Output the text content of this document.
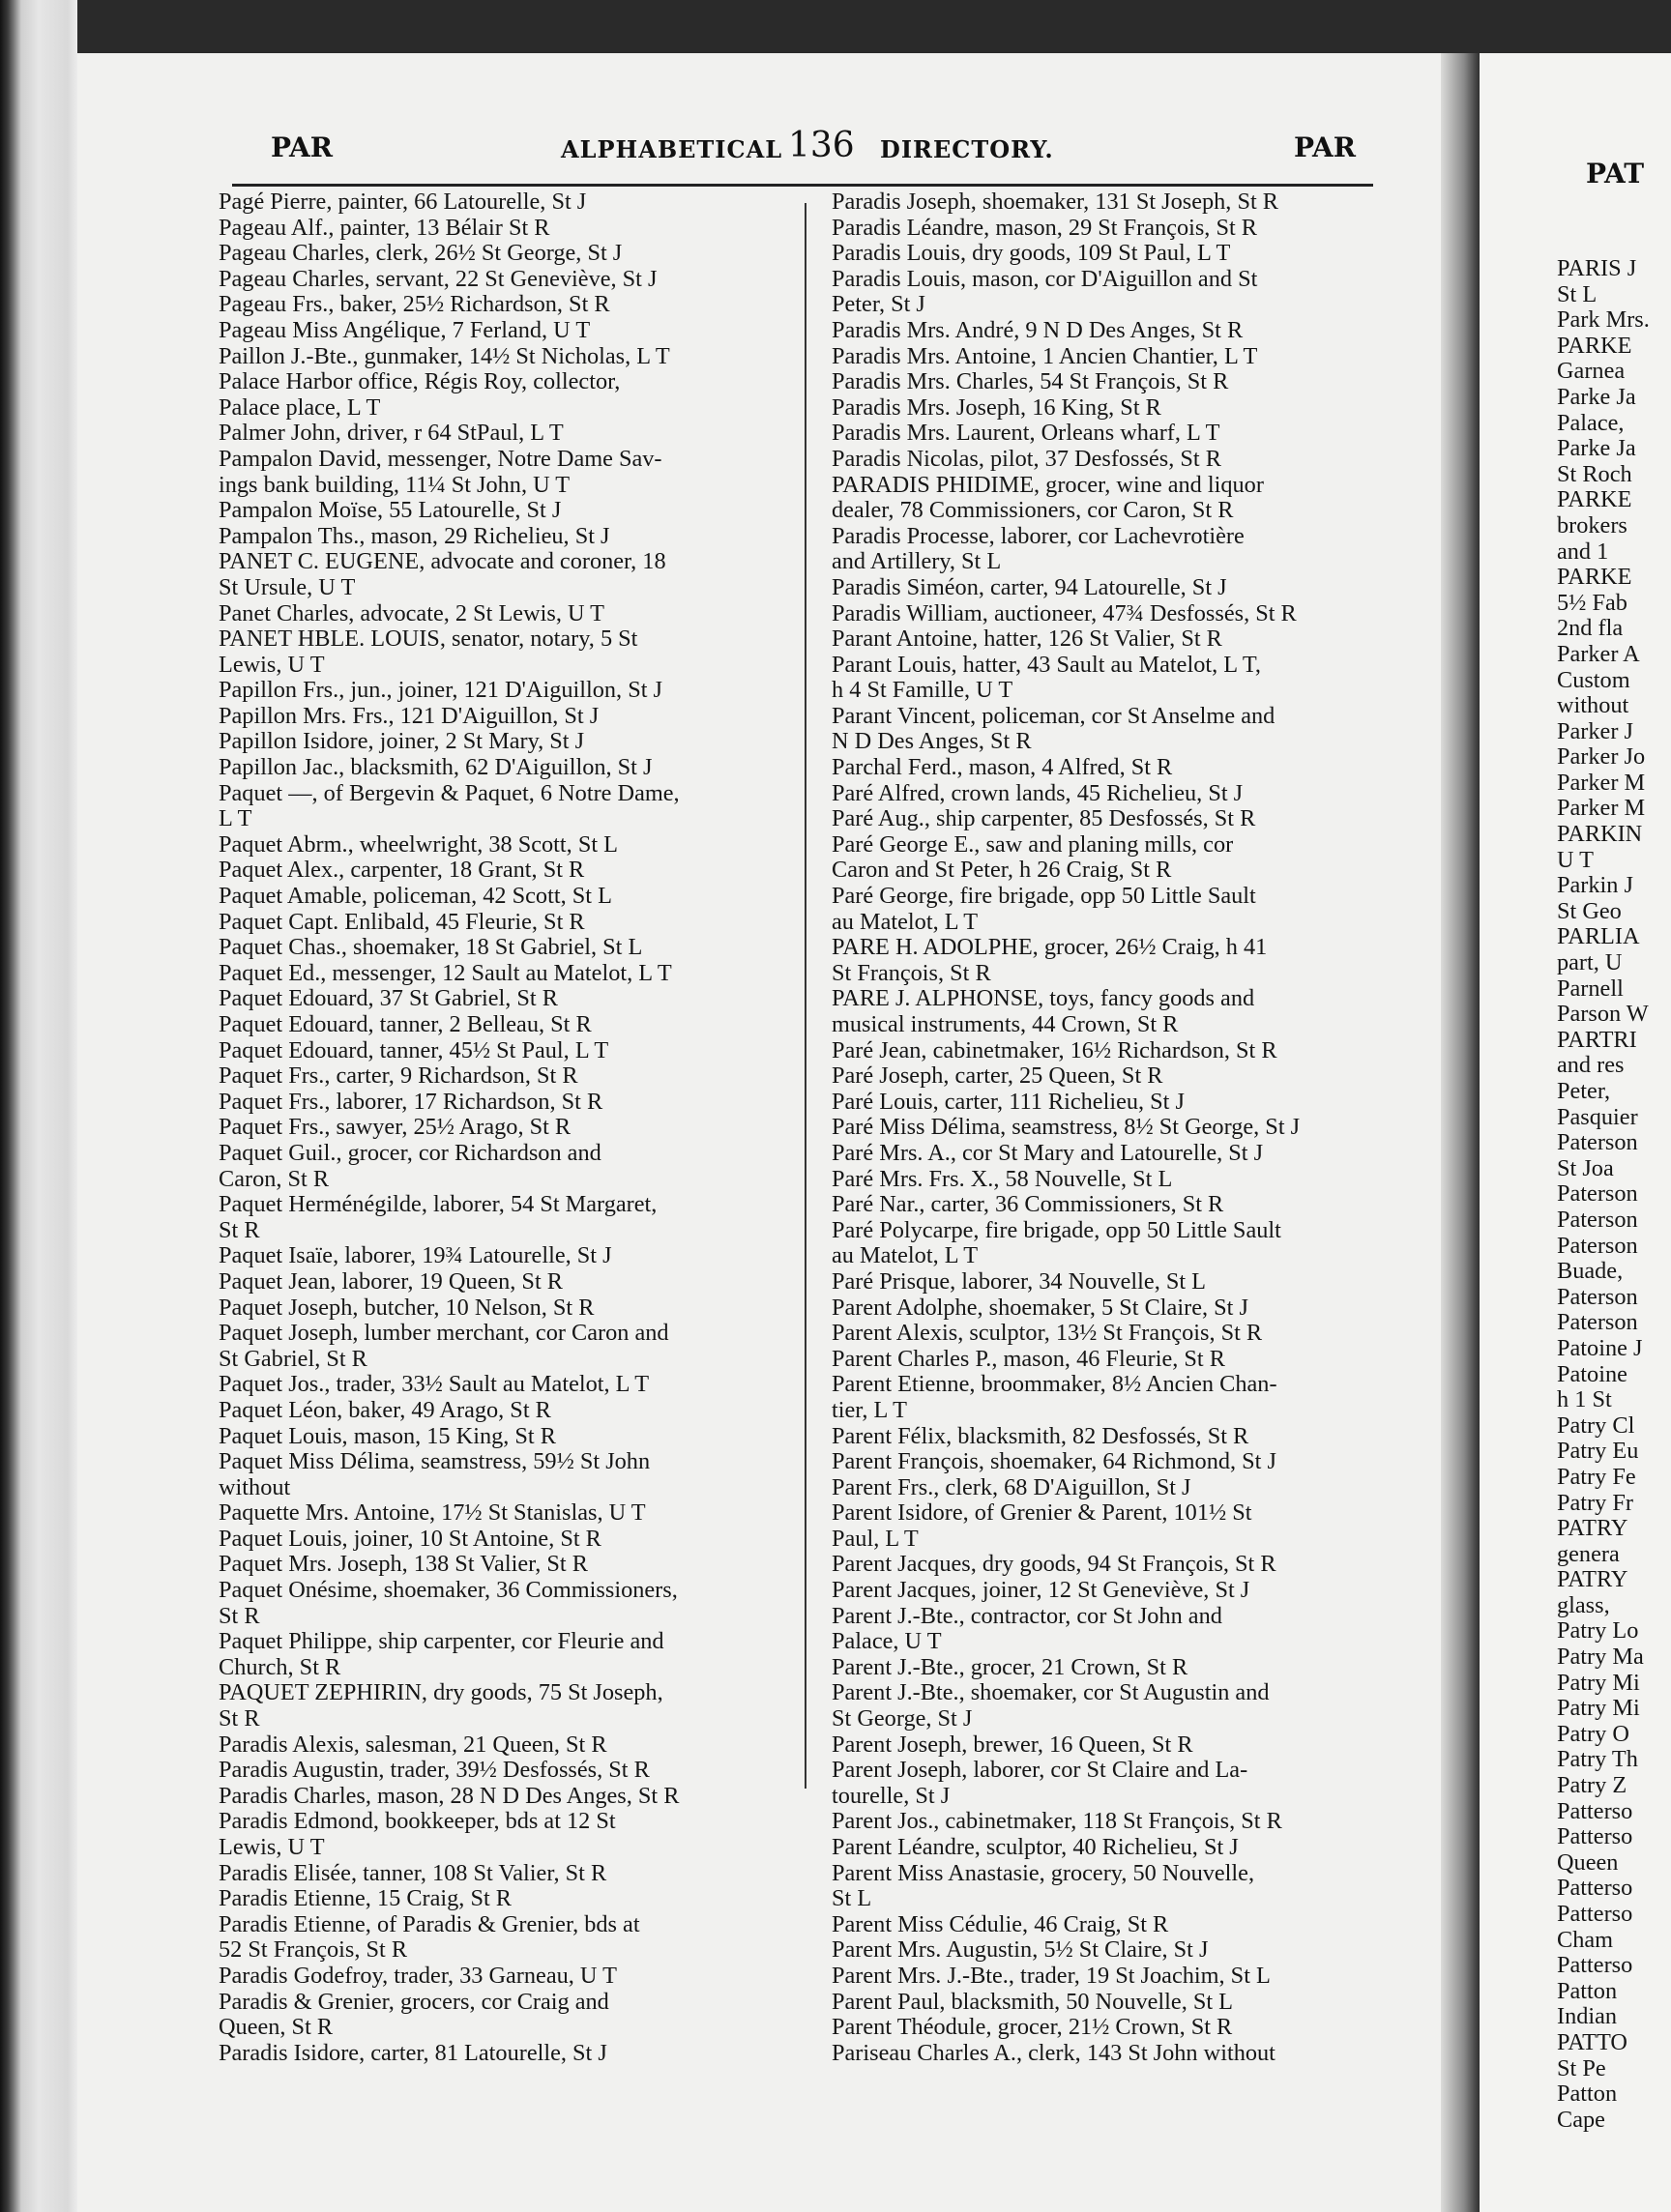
PAR	ALPHABETICAL 136 DIRECTORY.	PAR
Pagé Pierre, painter, 66 Latourelle, St J
Pageau Alf., painter, 13 Bélair St R
Pageau Charles, clerk, 26½ St George, St J
Pageau Charles, servant, 22 St Geneviève, St J
Pageau Frs., baker, 25½ Richardson, St R
Pageau Miss Angélique, 7 Ferland, U T
Paillon J.-Bte., gunmaker, 14½ St Nicholas, L T
Palace Harbor office, Régis Roy, collector,
Palace place, L T
Palmer John, driver, r 64 StPaul, L T
Pampalon David, messenger, Notre Dame Sav-
ings bank building, 11¼ St John, U T
Pampalon Moïse, 55 Latourelle, St J
Pampalon Ths., mason, 29 Richelieu, St J
PANET C. EUGENE, advocate and coroner, 18
St Ursule, U T
Panet Charles, advocate, 2 St Lewis, U T
PANET HBLE. LOUIS, senator, notary, 5 St
Lewis, U T
Papillon Frs., jun., joiner, 121 D'Aiguillon, St J
Papillon Mrs. Frs., 121 D'Aiguillon, St J
Papillon Isidore, joiner, 2 St Mary, St J
Papillon Jac., blacksmith, 62 D'Aiguillon, St J
Paquet —, of Bergevin & Paquet, 6 Notre Dame,
L T
Paquet Abrm., wheelwright, 38 Scott, St L
Paquet Alex., carpenter, 18 Grant, St R
Paquet Amable, policeman, 42 Scott, St L
Paquet Capt. Enlibald, 45 Fleurie, St R
Paquet Chas., shoemaker, 18 St Gabriel, St L
Paquet Ed., messenger, 12 Sault au Matelot, L T
Paquet Edouard, 37 St Gabriel, St R
Paquet Edouard, tanner, 2 Belleau, St R
Paquet Edouard, tanner, 45½ St Paul, L T
Paquet Frs., carter, 9 Richardson, St R
Paquet Frs., laborer, 17 Richardson, St R
Paquet Frs., sawyer, 25½ Arago, St R
Paquet Guil., grocer, cor Richardson and
Caron, St R
Paquet Herménégilde, laborer, 54 St Margaret,
St R
Paquet Isaïe, laborer, 19¾ Latourelle, St J
Paquet Jean, laborer, 19 Queen, St R
Paquet Joseph, butcher, 10 Nelson, St R
Paquet Joseph, lumber merchant, cor Caron and
St Gabriel, St R
Paquet Jos., trader, 33½ Sault au Matelot, L T
Paquet Léon, baker, 49 Arago, St R
Paquet Louis, mason, 15 King, St R
Paquet Miss Délima, seamstress, 59½ St John
without
Paquette Mrs. Antoine, 17½ St Stanislas, U T
Paquet Louis, joiner, 10 St Antoine, St R
Paquet Mrs. Joseph, 138 St Valier, St R
Paquet Onésime, shoemaker, 36 Commissioners,
St R
Paquet Philippe, ship carpenter, cor Fleurie and
Church, St R
PAQUET ZEPHIRIN, dry goods, 75 St Joseph,
St R
Paradis Alexis, salesman, 21 Queen, St R
Paradis Augustin, trader, 39½ Desfossés, St R
Paradis Charles, mason, 28 N D Des Anges, St R
Paradis Edmond, bookkeeper, bds at 12 St
Lewis, U T
Paradis Elisée, tanner, 108 St Valier, St R
Paradis Etienne, 15 Craig, St R
Paradis Etienne, of Paradis & Grenier, bds at
52 St François, St R
Paradis Godefroy, trader, 33 Garneau, U T
Paradis & Grenier, grocers, cor Craig and
Queen, St R
Paradis Isidore, carter, 81 Latourelle, St J
Paradis Joseph, shoemaker, 131 St Joseph, St R
Paradis Léandre, mason, 29 St François, St R
Paradis Louis, dry goods, 109 St Paul, L T
Paradis Louis, mason, cor D'Aiguillon and St
Peter, St J
Paradis Mrs. André, 9 N D Des Anges, St R
Paradis Mrs. Antoine, 1 Ancien Chantier, L T
Paradis Mrs. Charles, 54 St François, St R
Paradis Mrs. Joseph, 16 King, St R
Paradis Mrs. Laurent, Orleans wharf, L T
Paradis Nicolas, pilot, 37 Desfossés, St R
PARADIS PHIDIME, grocer, wine and liquor
dealer, 78 Commissioners, cor Caron, St R
Paradis Processe, laborer, cor Lachevrotière
and Artillery, St L
Paradis Siméon, carter, 94 Latourelle, St J
Paradis William, auctioneer, 47¾ Desfossés, St R
Parant Antoine, hatter, 126 St Valier, St R
Parant Louis, hatter, 43 Sault au Matelot, L T,
h 4 St Famille, U T
Parant Vincent, policeman, cor St Anselme and
N D Des Anges, St R
Parchal Ferd., mason, 4 Alfred, St R
Paré Alfred, crown lands, 45 Richelieu, St J
Paré Aug., ship carpenter, 85 Desfossés, St R
Paré George E., saw and planing mills, cor
Caron and St Peter, h 26 Craig, St R
Paré George, fire brigade, opp 50 Little Sault
au Matelot, L T
PARE H. ADOLPHE, grocer, 26½ Craig, h 41
St François, St R
PARE J. ALPHONSE, toys, fancy goods and
musical instruments, 44 Crown, St R
Paré Jean, cabinetmaker, 16½ Richardson, St R
Paré Joseph, carter, 25 Queen, St R
Paré Louis, carter, 111 Richelieu, St J
Paré Miss Délima, seamstress, 8½ St George, St J
Paré Mrs. A., cor St Mary and Latourelle, St J
Paré Mrs. Frs. X., 58 Nouvelle, St L
Paré Nar., carter, 36 Commissioners, St R
Paré Polycarpe, fire brigade, opp 50 Little Sault
au Matelot, L T
Paré Prisque, laborer, 34 Nouvelle, St L
Parent Adolphe, shoemaker, 5 St Claire, St J
Parent Alexis, sculptor, 13½ St François, St R
Parent Charles P., mason, 46 Fleurie, St R
Parent Etienne, broommaker, 8½ Ancien Chan-
tier, L T
Parent Félix, blacksmith, 82 Desfossés, St R
Parent François, shoemaker, 64 Richmond, St J
Parent Frs., clerk, 68 D'Aiguillon, St J
Parent Isidore, of Grenier & Parent, 101½ St
Paul, L T
Parent Jacques, dry goods, 94 St François, St R
Parent Jacques, joiner, 12 St Geneviève, St J
Parent J.-Bte., contractor, cor St John and
Palace, U T
Parent J.-Bte., grocer, 21 Crown, St R
Parent J.-Bte., shoemaker, cor St Augustin and
St George, St J
Parent Joseph, brewer, 16 Queen, St R
Parent Joseph, laborer, cor St Claire and La-
tourelle, St J
Parent Jos., cabinetmaker, 118 St François, St R
Parent Léandre, sculptor, 40 Richelieu, St J
Parent Miss Anastasie, grocery, 50 Nouvelle,
St L
Parent Miss Cédulie, 46 Craig, St R
Parent Mrs. Augustin, 5½ St Claire, St J
Parent Mrs. J.-Bte., trader, 19 St Joachim, St L
Parent Paul, blacksmith, 50 Nouvelle, St L
Parent Théodule, grocer, 21½ Crown, St R
Pariseau Charles A., clerk, 143 St John without
PAT
PARIS J
St L
Park Mrs.
PARKE
Garnea
Parke Ja
Palace,
Parke Ja
St Roch
PARKE
brokers
and 1
PARKE
5½ Fab
2nd fla
Parker A
Custom
without
Parker J
Parker Jo
Parker M
Parker M
PARKIN
U T
Parkin J
St Geo
PARLIA
part, U
Parnell
Parson W
PARTRI
and res
Peter,
Pasquier
Paterson
St Joa
Paterson
Paterson
Paterson
Buade,
Paterson
Paterson
Patoine J
Patoine
h 1 St
Patry Cl
Patry Eu
Patry Fe
Patry Fr
PATRY
genera
PATRY
glass,
Patry Lo
Patry Ma
Patry Mi
Patry Mi
Patry O
Patry Th
Patry Z
Patterso
Patterso
Queen
Patterso
Patterso
Cham
Patterso
Patton
Indian
PATTO
St Pe
Patton
Cape
